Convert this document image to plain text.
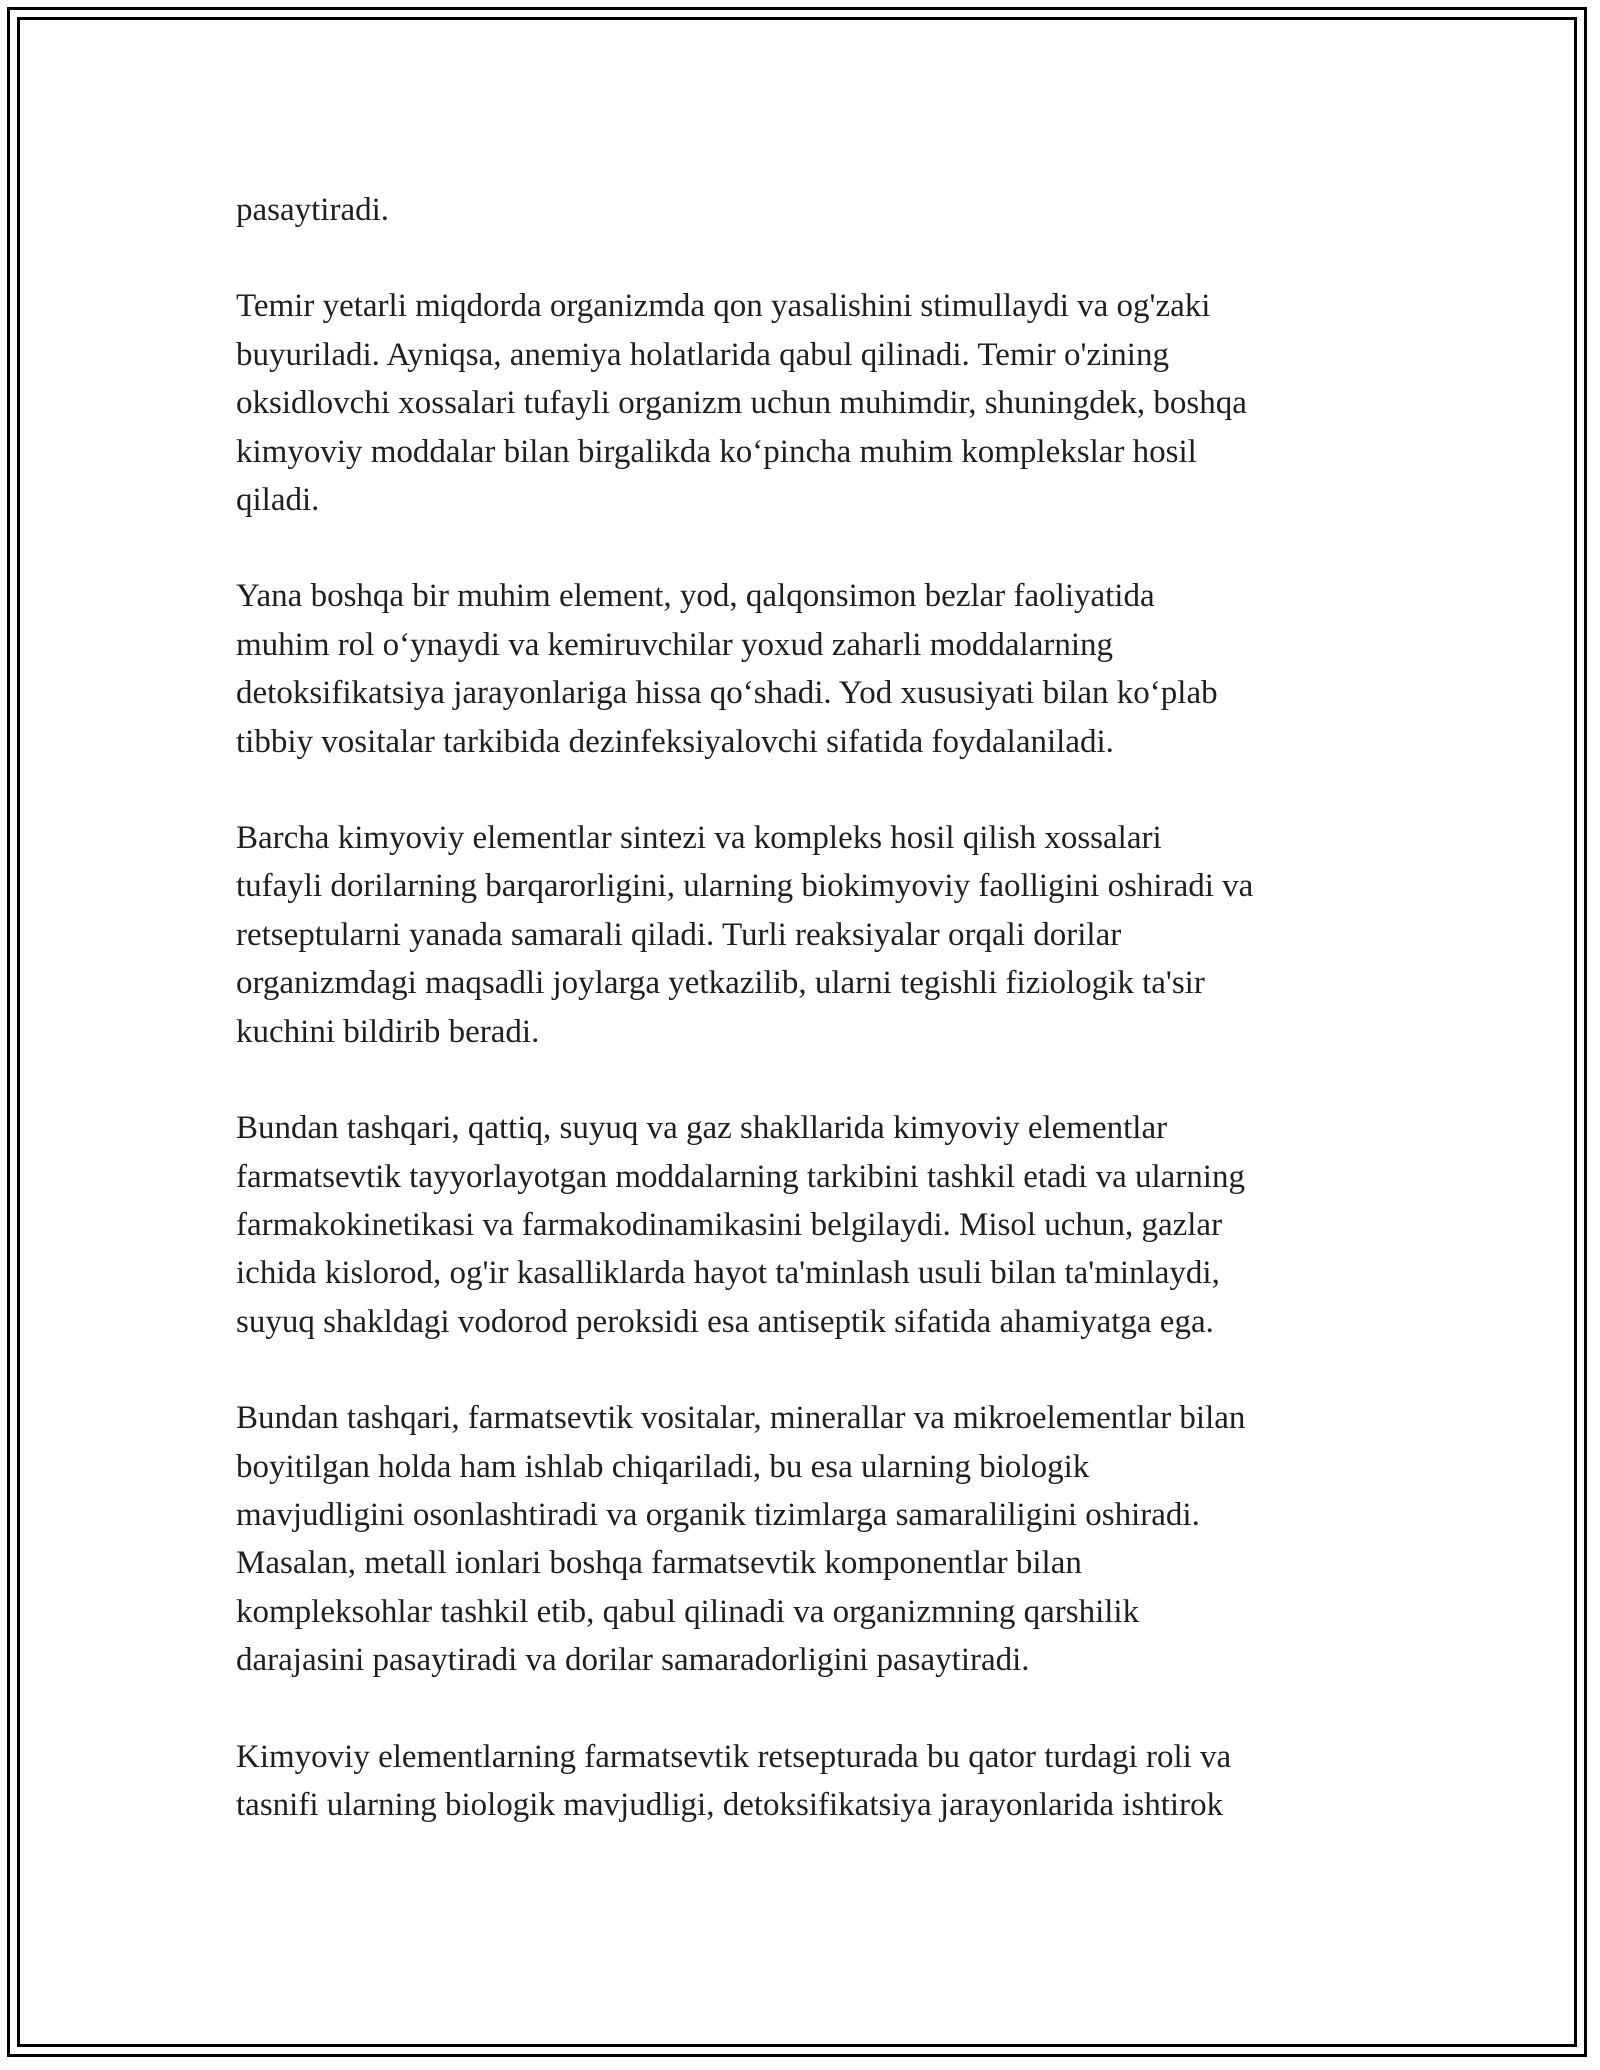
pasaytiradi.

Temir yetarli miqdorda organizmda qon yasalishini stimullaydi va og'zaki
buyuriladi. Ayniqsa, anemiya holatlarida qabul qilinadi. Temir o'zining
oksidlovchi xossalari tufayli organizm uchun muhimdir, shuningdek, boshqa
kimyoviy moddalar bilan birgalikda ko‘pincha muhim komplekslar hosil
qiladi.

Yana boshqa bir muhim element, yod, qalqonsimon bezlar faoliyatida
muhim rol o‘ynaydi va kemiruvchilar yoxud zaharli moddalarning
detoksifikatsiya jarayonlariga hissa qo‘shadi. Yod xususiyati bilan ko‘plab
tibbiy vositalar tarkibida dezinfeksiyalovchi sifatida foydalaniladi.

Barcha kimyoviy elementlar sintezi va kompleks hosil qilish xossalari
tufayli dorilarning barqarorligini, ularning biokimyoviy faolligini oshiradi va
retseptularni yanada samarali qiladi. Turli reaksiyalar orqali dorilar
organizmdagi maqsadli joylarga yetkazilib, ularni tegishli fiziologik ta'sir
kuchini bildirib beradi.

Bundan tashqari, qattiq, suyuq va gaz shakllarida kimyoviy elementlar
farmatsevtik tayyorlayotgan moddalarning tarkibini tashkil etadi va ularning
farmakokinetikasi va farmakodinamikasini belgilaydi. Misol uchun, gazlar
ichida kislorod, og'ir kasalliklarda hayot ta'minlash usuli bilan ta'minlaydi,
suyuq shakldagi vodorod peroksidi esa antiseptik sifatida ahamiyatga ega.

Bundan tashqari, farmatsevtik vositalar, minerallar va mikroelementlar bilan
boyitilgan holda ham ishlab chiqariladi, bu esa ularning biologik
mavjudligini osonlashtiradi va organik tizimlarga samaraliligini oshiradi.
Masalan, metall ionlari boshqa farmatsevtik komponentlar bilan
kompleksohlar tashkil etib, qabul qilinadi va organizmning qarshilik
darajasini pasaytiradi va dorilar samaradorligini pasaytiradi.

Kimyoviy elementlarning farmatsevtik retsepturada bu qator turdagi roli va
tasnifi ularning biologik mavjudligi, detoksifikatsiya jarayonlarida ishtirok
